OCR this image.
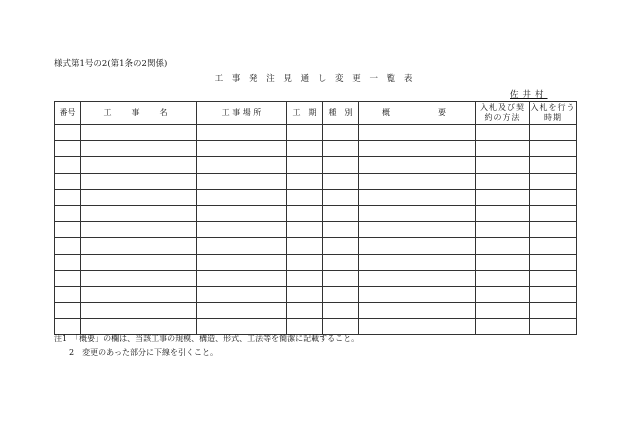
様式第1号の2(第1条の2関係)
工 事 発 注 見 通 し 変 更 一 覧 表
佐井村
番号	工　事　名	工 事 場 所	工　期	種　別	概　　　要	入札及び契約の方法	入札を行う時期

注1　「概要」の欄は、当該工事の規模、構造、形式、工法等を簡潔に記載すること。
2　変更のあった部分に下線を引くこと。
